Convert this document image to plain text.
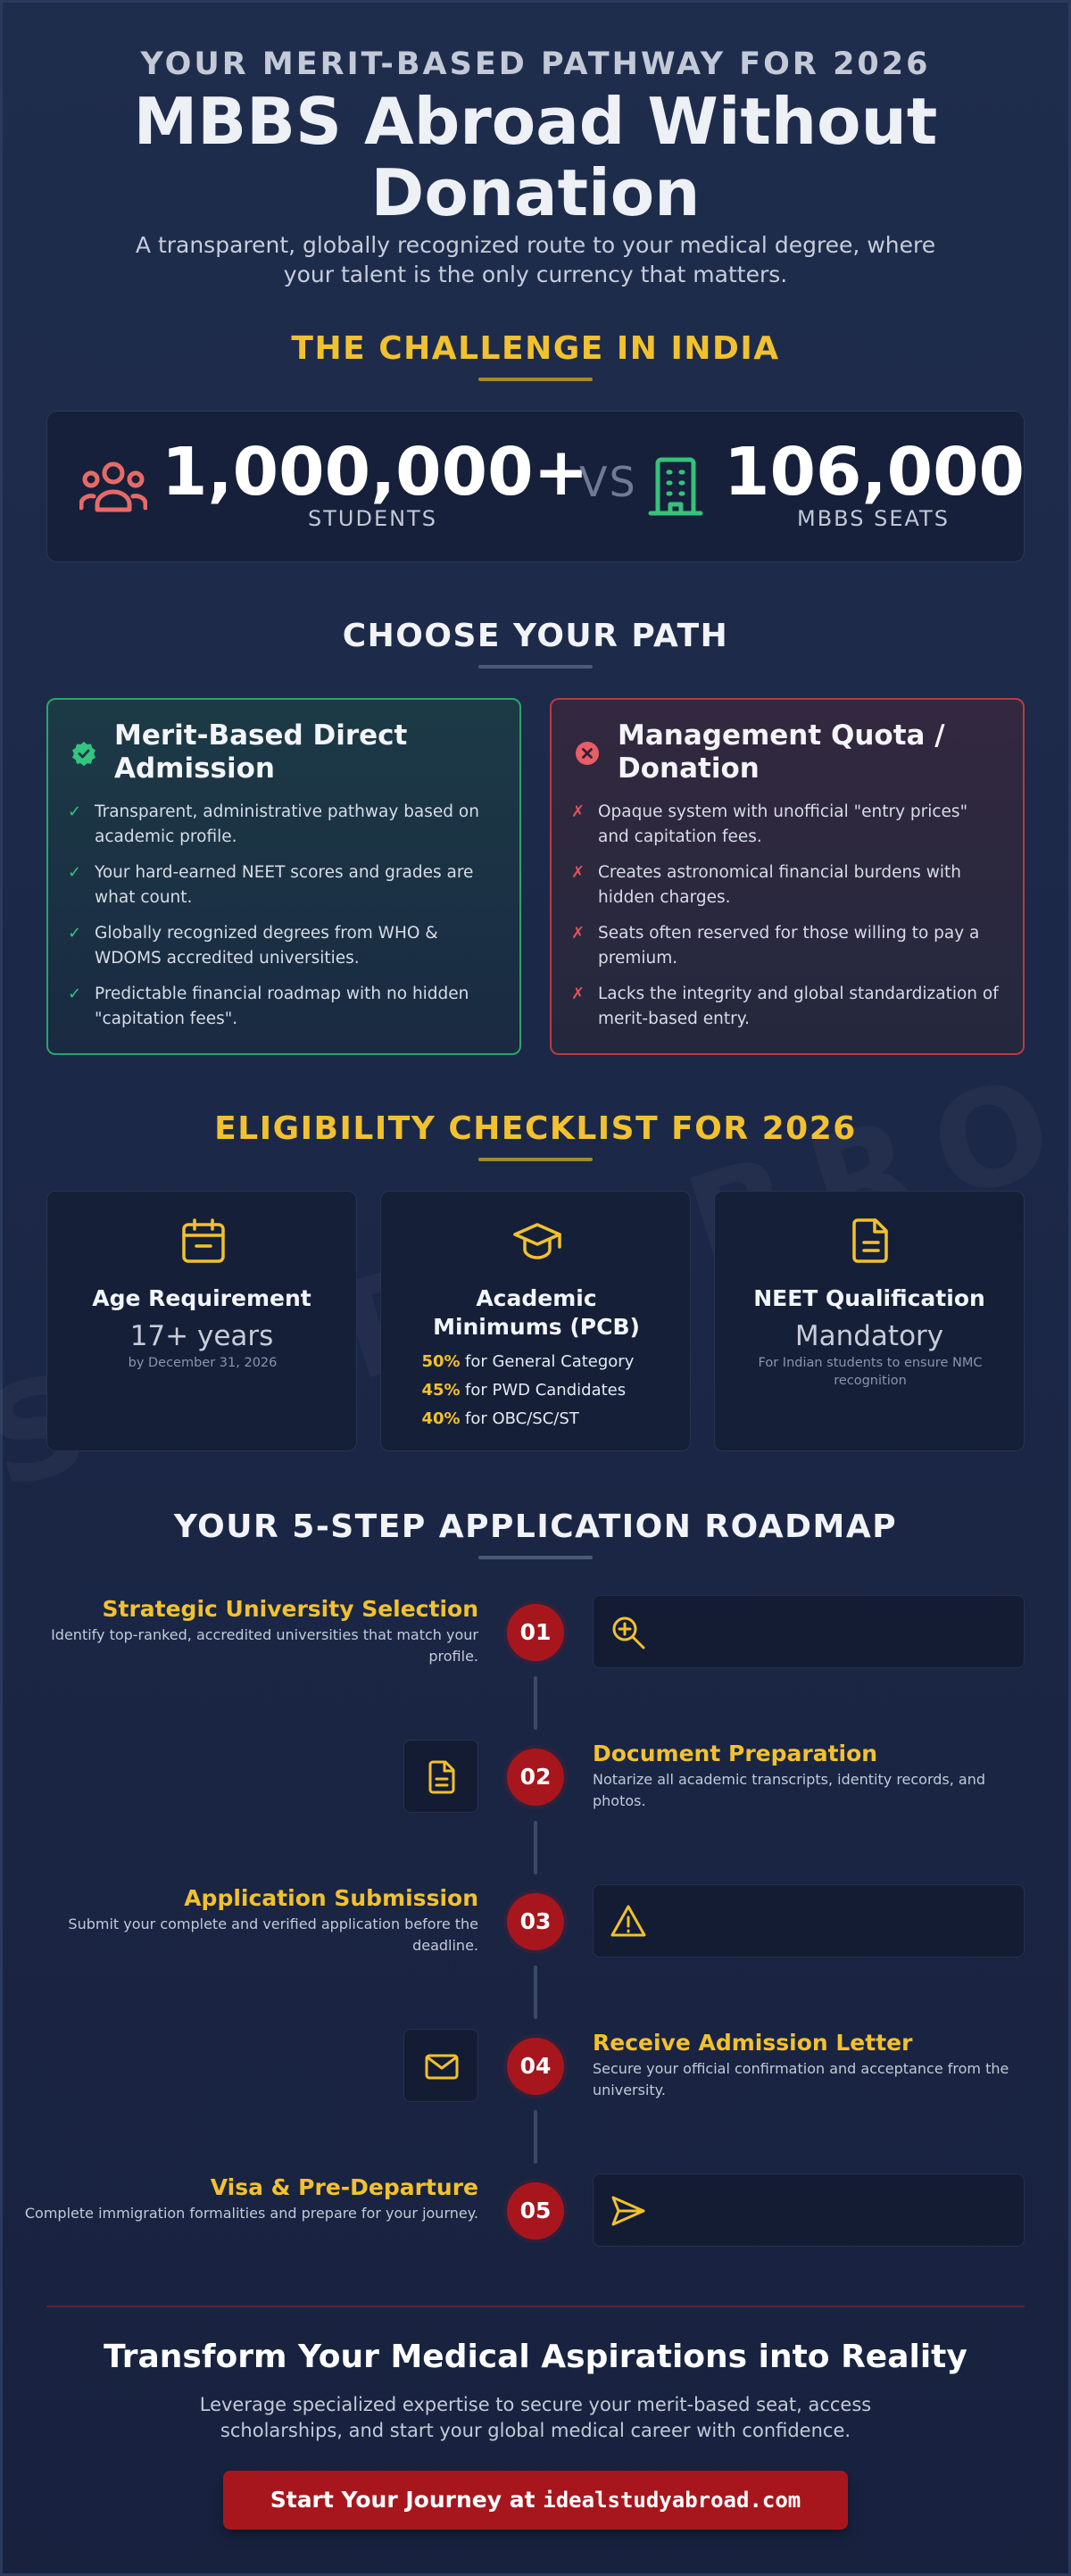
YOUR MERIT-BASED PATHWAY FOR 2026
MBBS Abroad Without Donation
A transparent, globally recognized route to your medical degree, where your talent is the only currency that matters.
THE CHALLENGE IN INDIA
1,000,000+
STUDENTS
VS 106,000
MBBS SEATS
CHOOSE YOUR PATH
Merit-Based Direct Admission
✓ Transparent, administrative pathway based on academic profile.
✓ Your hard-earned NEET scores and grades are what count.
✓ Globally recognized degrees from WHO & WDOMS accredited universities.
✓ Predictable financial roadmap with no hidden "capitation fees".
Management Quota / Donation
✗ Opaque system with unofficial "entry prices" and capitation fees.
✗ Creates astronomical financial burdens with hidden charges.
✗ Seats often reserved for those willing to pay a premium.
✗ Lacks the integrity and global standardization of merit-based entry.
ELIGIBILITY CHECKLIST FOR 2026
Age Requirement
17+ years
by December 31, 2026
Academic Minimums (PCB)
50% for General Category
45% for PWD Candidates
40% for OBC/SC/ST
NEET Qualification
Mandatory
For Indian students to ensure NMC recognition
YOUR 5-STEP APPLICATION ROADMAP
Strategic University Selection
Identify top-ranked, accredited universities that match your profile.
01
02
Document Preparation
Notarize all academic transcripts, identity records, and photos.
Application Submission
Submit your complete and verified application before the deadline.
03
04
Receive Admission Letter
Secure your official confirmation and acceptance from the university.
Visa & Pre-Departure
Complete immigration formalities and prepare for your journey.	05
Transform Your Medical Aspirations into Reality
Leverage specialized expertise to secure your merit-based seat, access scholarships, and start your global medical career with confidence.
Start Your Journey at idealstudyabroad.com
